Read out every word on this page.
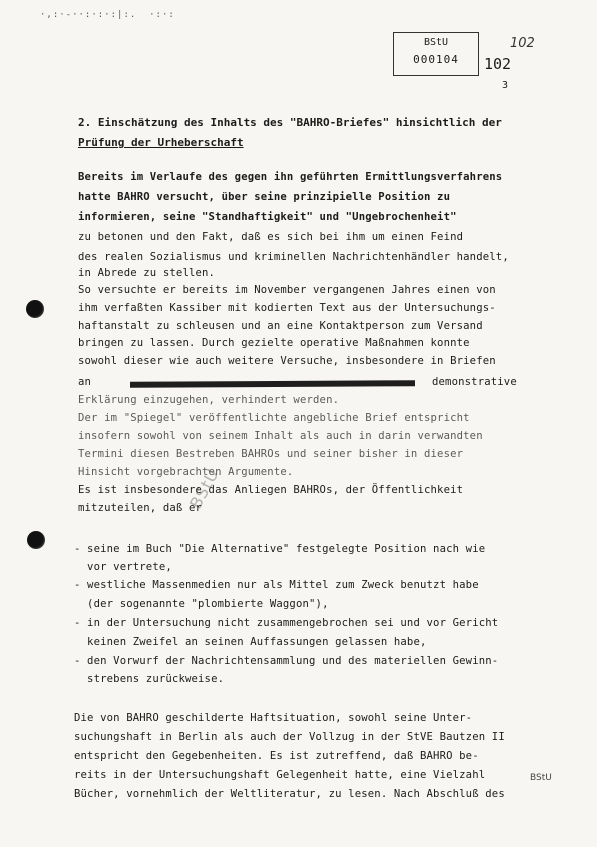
·,:·-··:·:·:|:.  ·:·:
BStU
000104
102
102
3
2. Einschätzung des Inhalts des "BAHRO-Briefes" hinsichtlich der
Prüfung der Urheberschaft
Bereits im Verlaufe des gegen ihn geführten Ermittlungsverfahrens
hatte BAHRO versucht, über seine prinzipielle Position zu
informieren, seine "Standhaftigkeit" und "Ungebrochenheit"
zu betonen und den Fakt, daß es sich bei ihm um einen Feind
des realen Sozialismus und kriminellen Nachrichtenhändler handelt,
in Abrede zu stellen.
So versuchte er bereits im November vergangenen Jahres einen von
ihm verfaßten Kassiber mit kodierten Text aus der Untersuchungs-
haftanstalt zu schleusen und an eine Kontaktperson zum Versand
bringen zu lassen. Durch gezielte operative Maßnahmen konnte
sowohl dieser wie auch weitere Versuche, insbesondere in Briefen
an	demonstrative
Erklärung einzugehen, verhindert werden.
Der im "Spiegel" veröffentlichte angebliche Brief entspricht
insofern sowohl von seinem Inhalt als auch in darin verwandten
Termini diesen Bestreben BAHROs und seiner bisher in dieser
Hinsicht vorgebrachten Argumente.
Es ist insbesondere das Anliegen BAHROs, der Öffentlichkeit
mitzuteilen, daß er
BStU
- seine im Buch "Die Alternative" festgelegte Position nach wie
vor vertrete,
- westliche Massenmedien nur als Mittel zum Zweck benutzt habe
(der sogenannte "plombierte Waggon"),
- in der Untersuchung nicht zusammengebrochen sei und vor Gericht
keinen Zweifel an seinen Auffassungen gelassen habe,
- den Vorwurf der Nachrichtensammlung und des materiellen Gewinn-
strebens zurückweise.
Die von BAHRO geschilderte Haftsituation, sowohl seine Unter-
suchungshaft in Berlin als auch der Vollzug in der StVE Bautzen II
entspricht den Gegebenheiten. Es ist zutreffend, daß BAHRO be-
reits in der Untersuchungshaft Gelegenheit hatte, eine Vielzahl
Bücher, vornehmlich der Weltliteratur, zu lesen. Nach Abschluß des
BStU
